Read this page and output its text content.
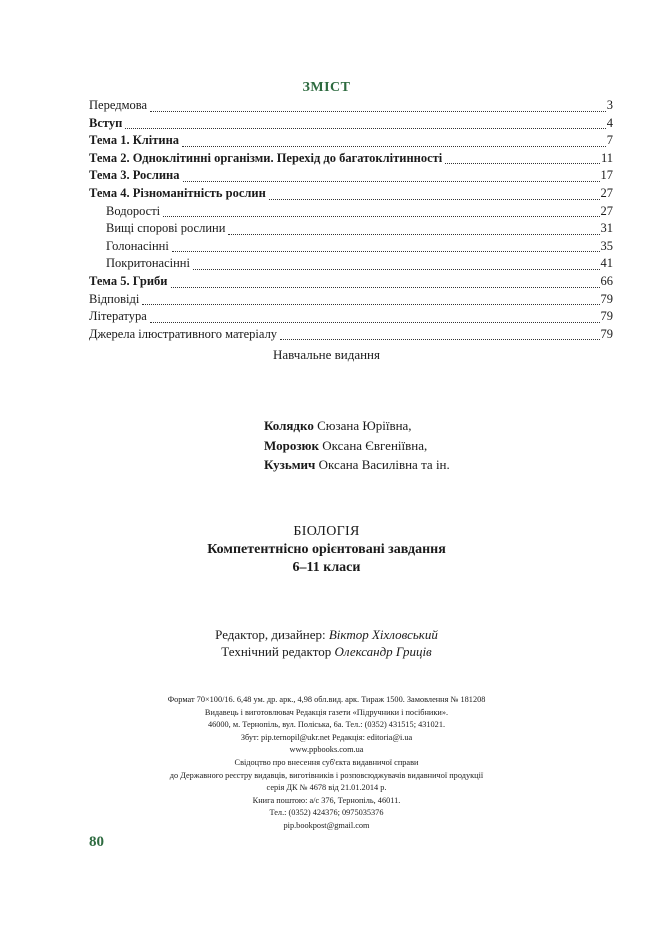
ЗМІСТ
Передмова	3
Вступ	4
Тема 1. Клітина	7
Тема 2. Одноклітинні організми. Перехід до багатоклітинності	11
Тема 3. Рослина	17
Тема 4. Різноманітність рослин	27
Водорості	27
Вищі спорові рослини	31
Голонасінні	35
Покритонасінні	41
Тема 5. Гриби	66
Відповіді	79
Література	79
Джерела ілюстративного матеріалу	79
Навчальне видання
Колядко Сюзана Юріївна,
Морозюк Оксана Євгеніївна,
Кузьмич Оксана Василівна та ін.
БІОЛОГІЯ
Компетентнісно орієнтовані завдання
6–11 класи
Редактор, дизайнер: Віктор Хіхловський
Технічний редактор Олександр Гриців
Формат 70×100/16. 6,48 ум. др. арк., 4,98 обл.вид. арк. Тираж 1500. Замовлення № 181208
Видавець і виготовлювач Редакція газети «Підручники і посібники».
46000, м. Тернопіль, вул. Поліська, 6а. Тел.: (0352) 431515; 431021.
Збут: pip.ternopil@ukr.net Редакція: editoria@i.ua
www.ppbooks.com.ua
Свідоцтво про внесення суб'єкта видавничої справи
до Державного реєстру видавців, виготівників і розповсюджувачів видавничої продукції
серія ДК № 4678 від 21.01.2014 р.
Книга поштою: а/с 376, Тернопіль, 46011.
Тел.: (0352) 424376; 0975035376
pip.bookpost@gmail.com
80
